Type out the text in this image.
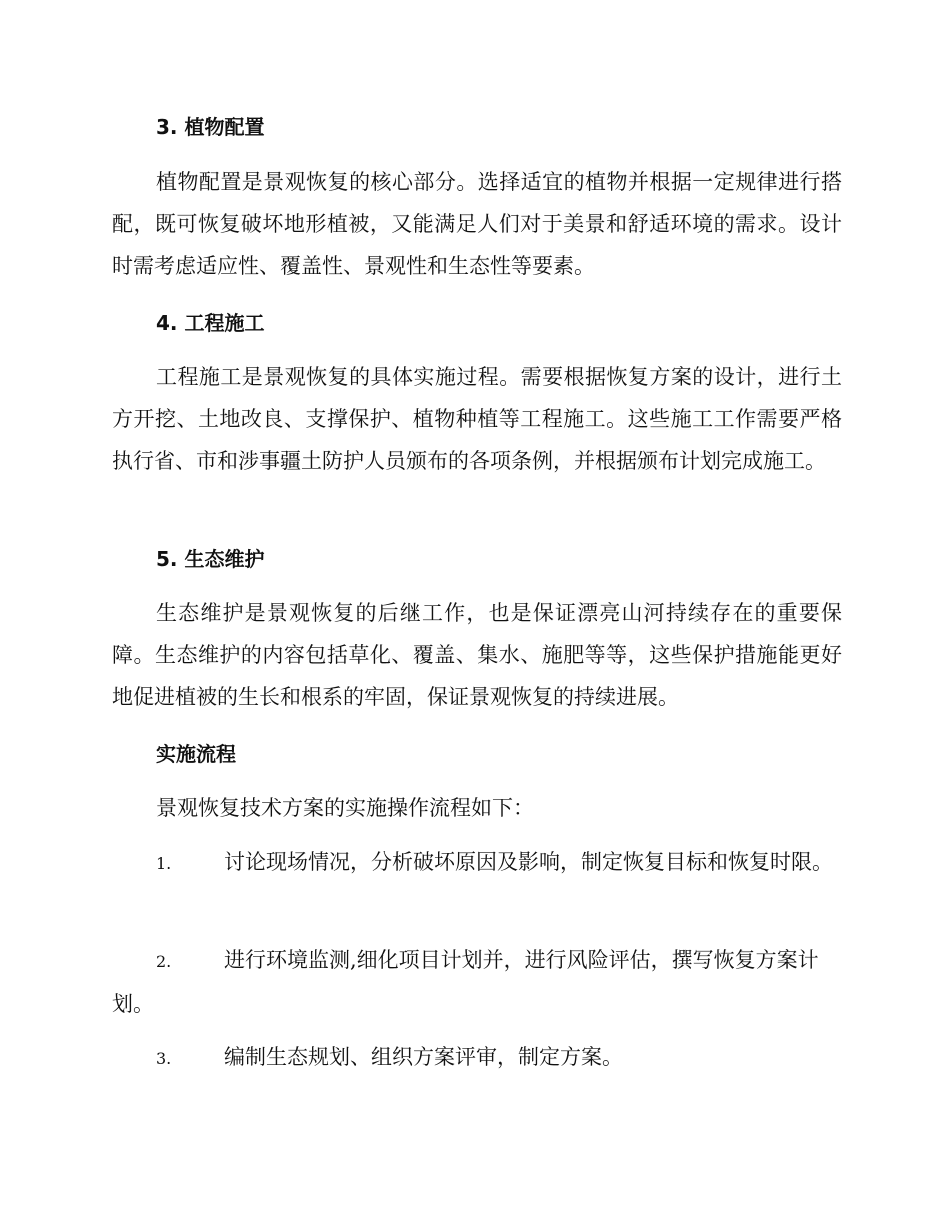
3. 植物配置

植物配置是景观恢复的核心部分。选择适宜的植物并根据一定规律进行搭配，既可恢复破坏地形植被，又能满足人们对于美景和舒适环境的需求。设计时需考虑适应性、覆盖性、景观性和生态性等要素。

4. 工程施工

工程施工是景观恢复的具体实施过程。需要根据恢复方案的设计，进行土方开挖、土地改良、支撑保护、植物种植等工程施工。这些施工工作需要严格执行省、市和涉事疆土防护人员颁布的各项条例，并根据颁布计划完成施工。

5. 生态维护

生态维护是景观恢复的后继工作，也是保证漂亮山河持续存在的重要保障。生态维护的内容包括草化、覆盖、集水、施肥等等，这些保护措施能更好地促进植被的生长和根系的牢固，保证景观恢复的持续进展。

实施流程

景观恢复技术方案的实施操作流程如下：

1.	讨论现场情况，分析破坏原因及影响，制定恢复目标和恢复时限。

2.	进行环境监测,细化项目计划并，进行风险评估，撰写恢复方案计划。

3.	编制生态规划、组织方案评审，制定方案。
